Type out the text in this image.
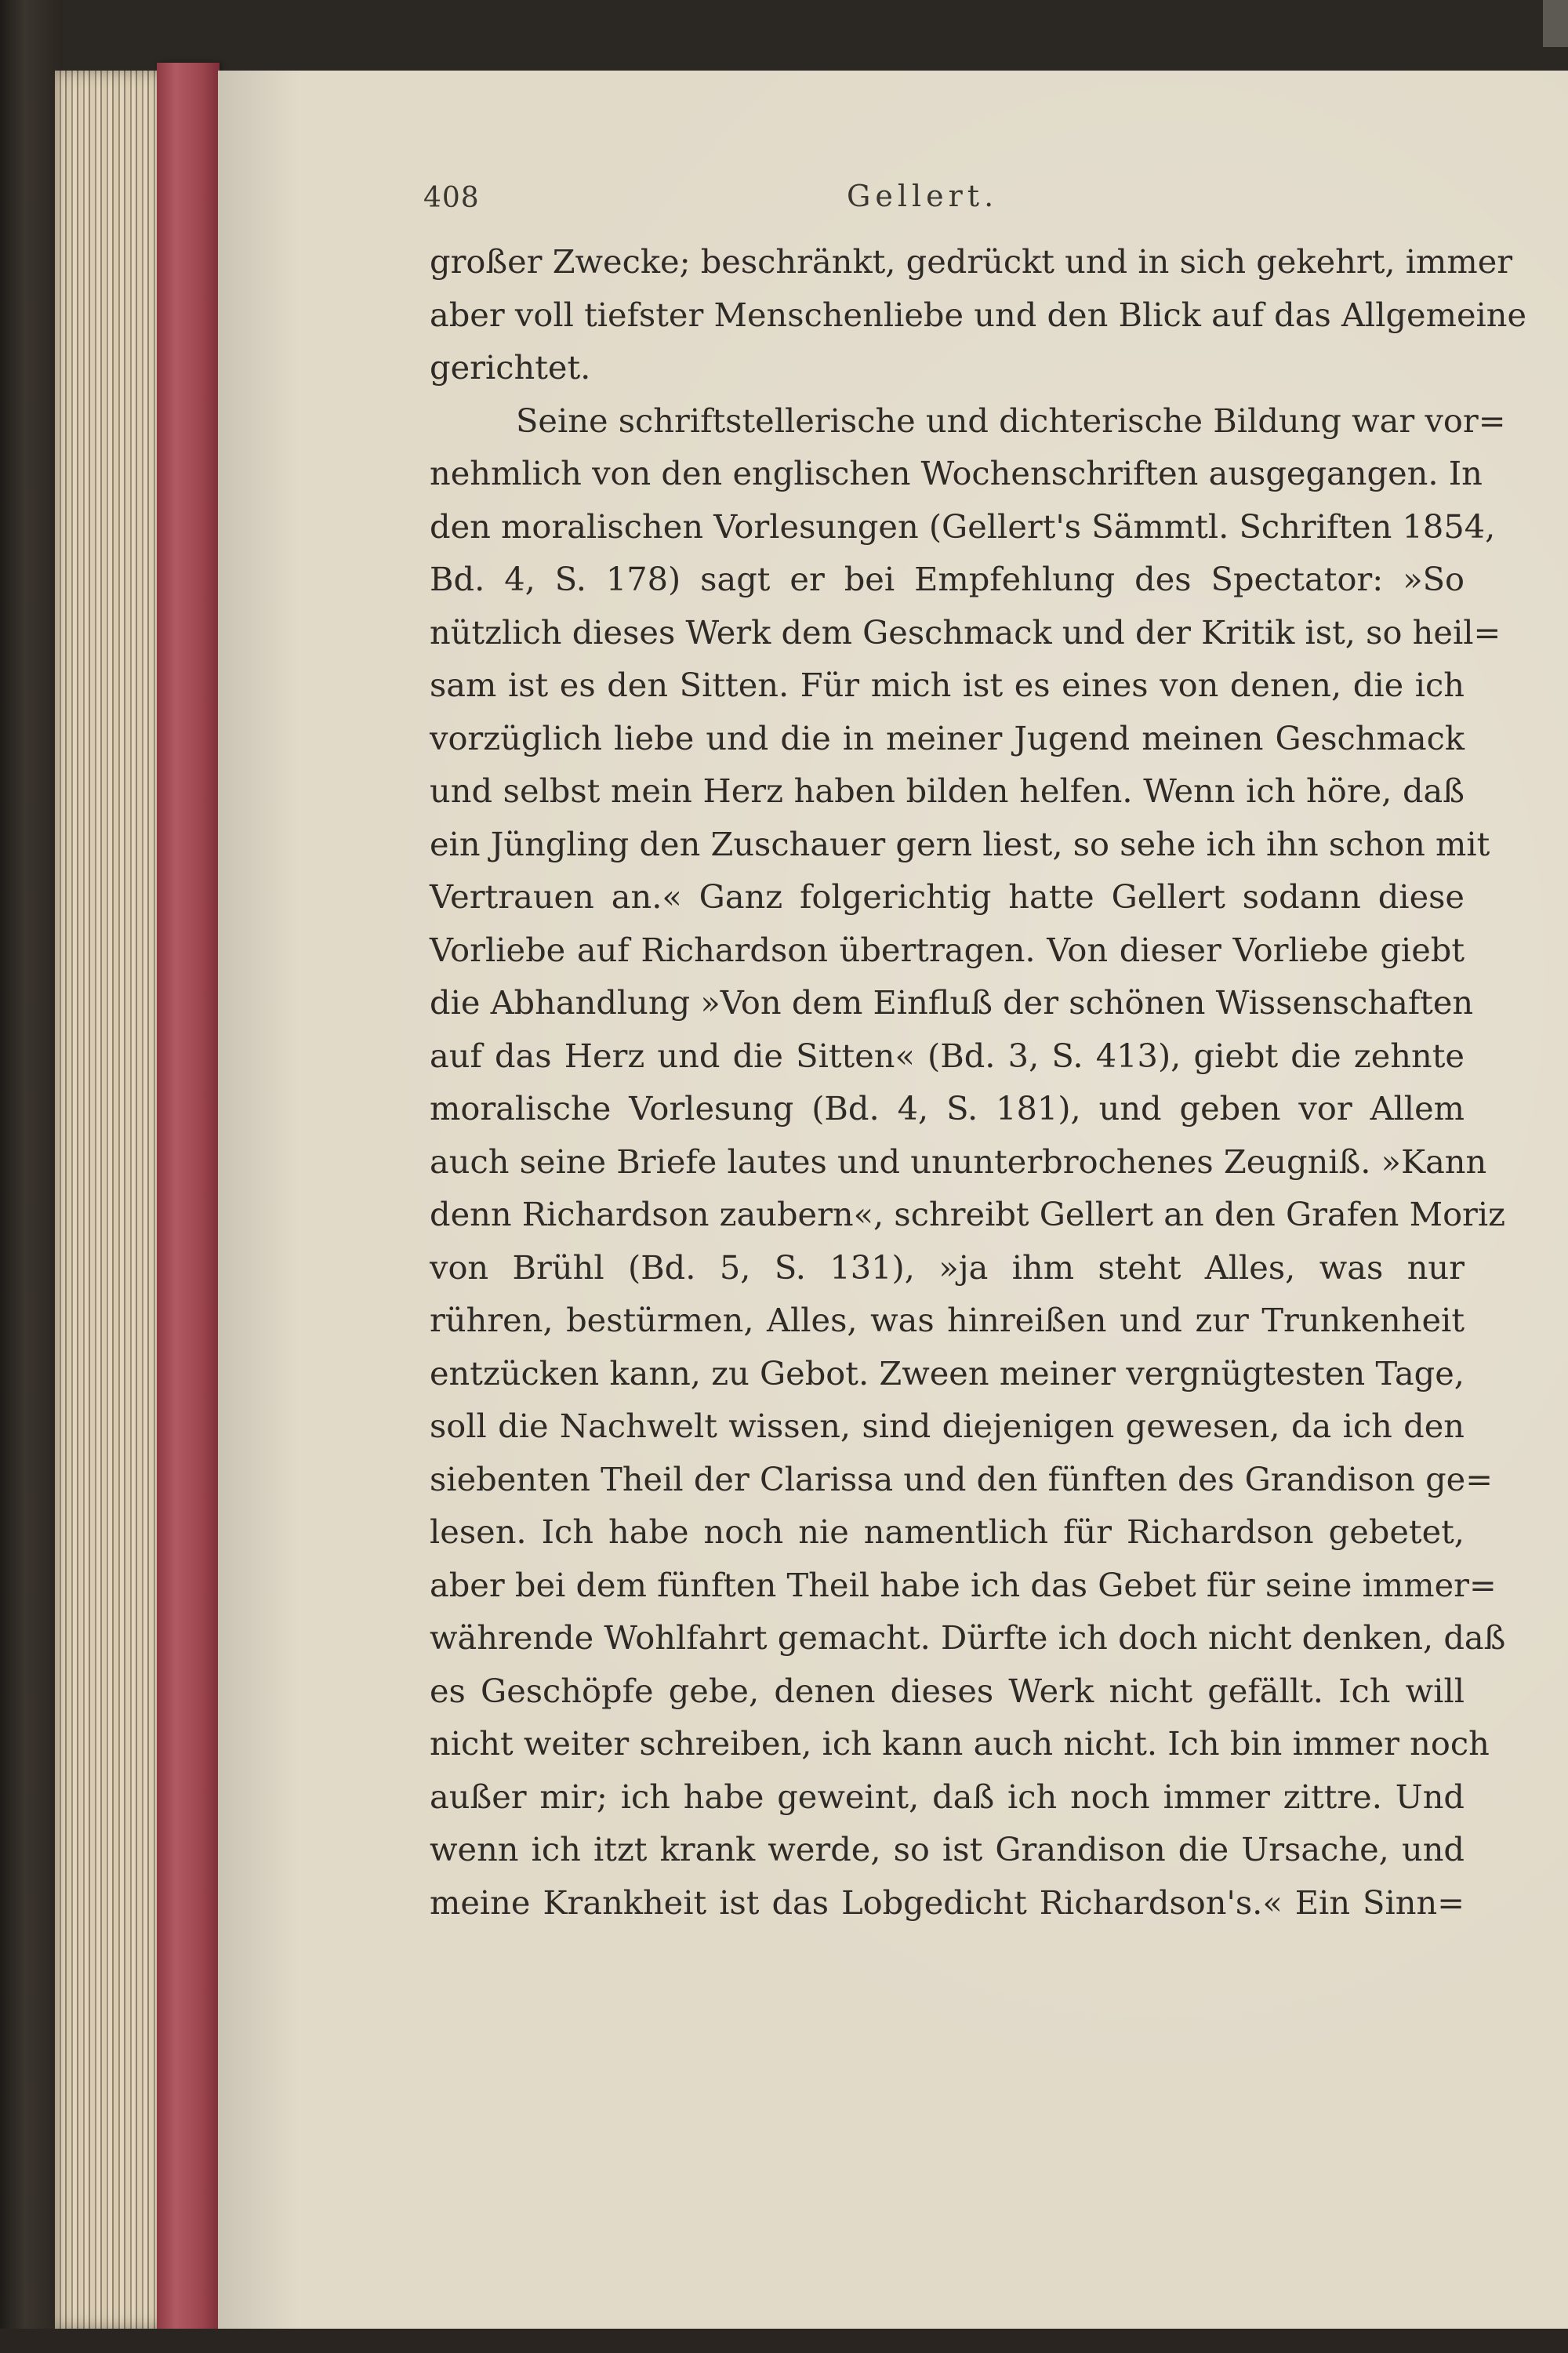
408	Gellert.
großer Zwecke; beschränkt, gedrückt und in sich gekehrt, immer
aber voll tiefster Menschenliebe und den Blick auf das Allgemeine
gerichtet.
Seine schriftstellerische und dichterische Bildung war vor=
nehmlich von den englischen Wochenschriften ausgegangen. In
den moralischen Vorlesungen (Gellert's Sämmtl. Schriften 1854,
Bd. 4, S. 178) sagt er bei Empfehlung des Spectator: »So
nützlich dieses Werk dem Geschmack und der Kritik ist, so heil=
sam ist es den Sitten. Für mich ist es eines von denen, die ich
vorzüglich liebe und die in meiner Jugend meinen Geschmack
und selbst mein Herz haben bilden helfen. Wenn ich höre, daß
ein Jüngling den Zuschauer gern liest, so sehe ich ihn schon mit
Vertrauen an.« Ganz folgerichtig hatte Gellert sodann diese
Vorliebe auf Richardson übertragen. Von dieser Vorliebe giebt
die Abhandlung »Von dem Einfluß der schönen Wissenschaften
auf das Herz und die Sitten« (Bd. 3, S. 413), giebt die zehnte
moralische Vorlesung (Bd. 4, S. 181), und geben vor Allem
auch seine Briefe lautes und ununterbrochenes Zeugniß. »Kann
denn Richardson zaubern«, schreibt Gellert an den Grafen Moriz
von Brühl (Bd. 5, S. 131), »ja ihm steht Alles, was nur
rühren, bestürmen, Alles, was hinreißen und zur Trunkenheit
entzücken kann, zu Gebot. Zween meiner vergnügtesten Tage,
soll die Nachwelt wissen, sind diejenigen gewesen, da ich den
siebenten Theil der Clarissa und den fünften des Grandison ge=
lesen. Ich habe noch nie namentlich für Richardson gebetet,
aber bei dem fünften Theil habe ich das Gebet für seine immer=
währende Wohlfahrt gemacht. Dürfte ich doch nicht denken, daß
es Geschöpfe gebe, denen dieses Werk nicht gefällt. Ich will
nicht weiter schreiben, ich kann auch nicht. Ich bin immer noch
außer mir; ich habe geweint, daß ich noch immer zittre. Und
wenn ich itzt krank werde, so ist Grandison die Ursache, und
meine Krankheit ist das Lobgedicht Richardson's.« Ein Sinn=
